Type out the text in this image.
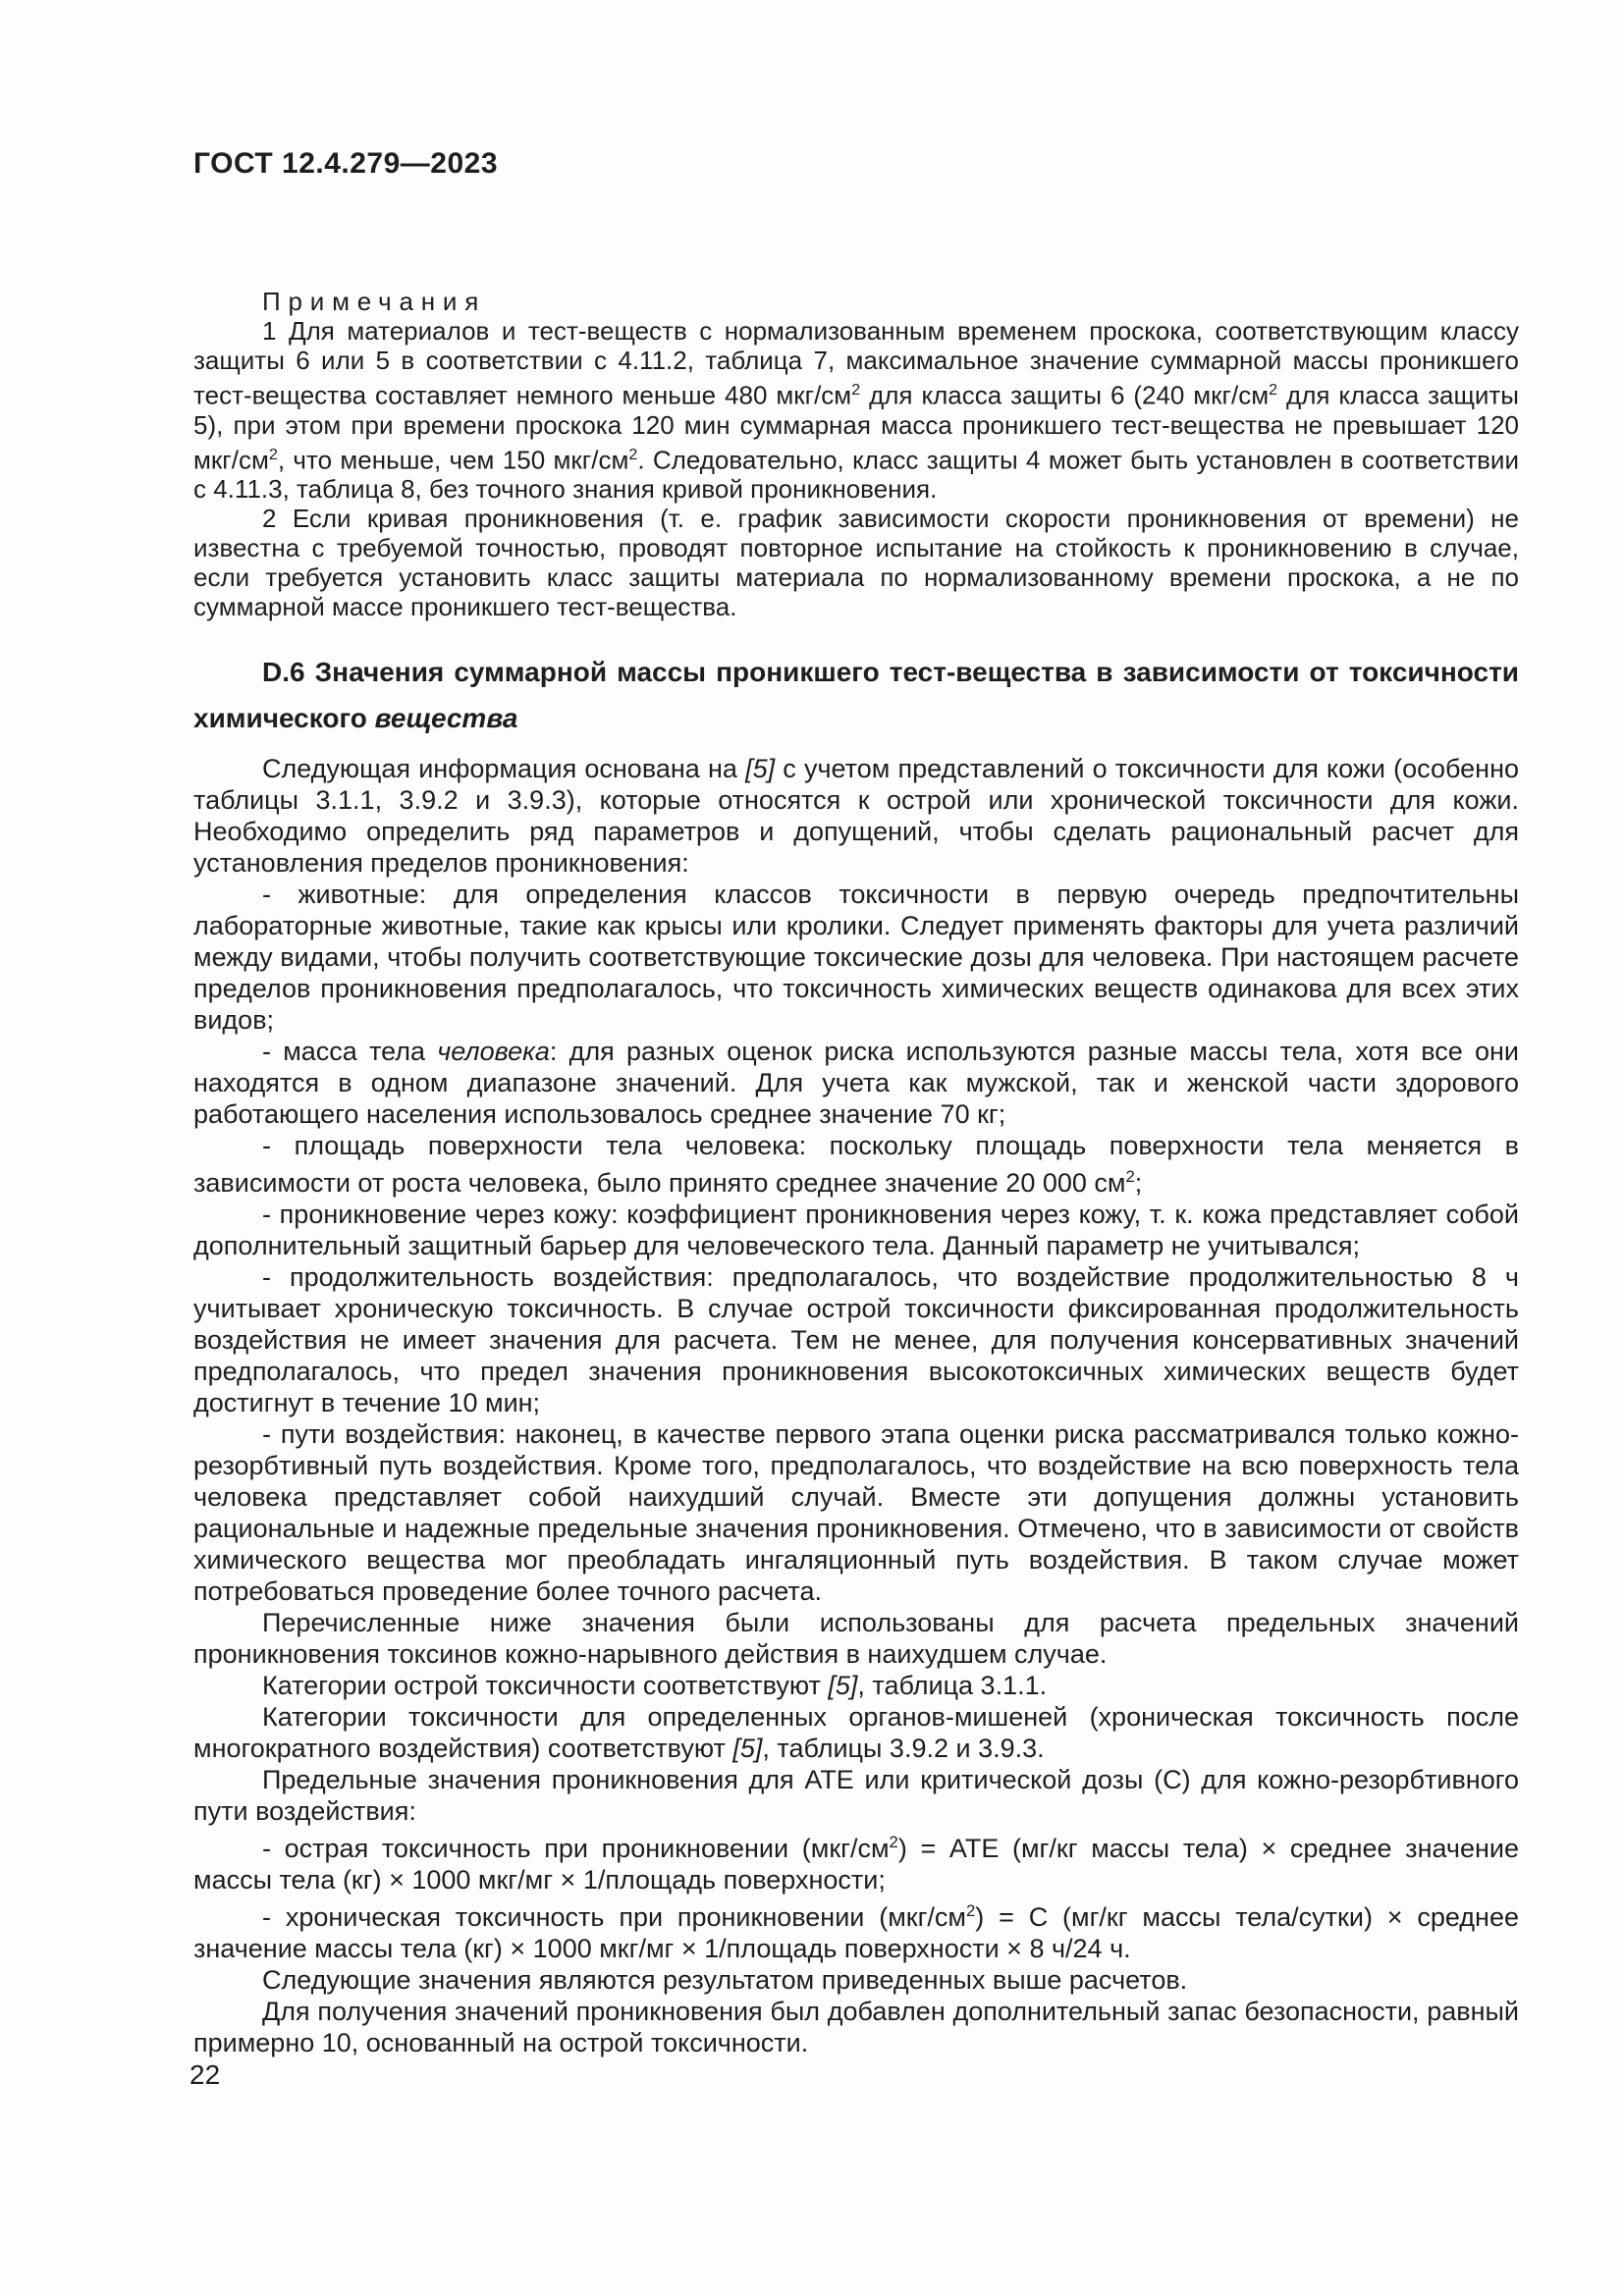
ГОСТ 12.4.279—2023

Примечания

1 Для материалов и тест-веществ с нормализованным временем проскока, соответствующим классу защиты 6 или 5 в соответствии с 4.11.2, таблица 7, максимальное значение суммарной массы проникшего тест-вещества составляет немного меньше 480 мкг/$см^2$ для класса защиты 6 (240 мкг/$см^2$ для класса защиты 5), при этом при времени проскока 120 мин суммарная масса проникшего тест-вещества не превышает 120 мкг/$см^2$, что меньше, чем 150 мкг/$см^2$. Следовательно, класс защиты 4 может быть установлен в соответствии с 4.11.3, таблица 8, без точного знания кривой проникновения.

2 Если кривая проникновения (т. е. график зависимости скорости проникновения от времени) не известна с требуемой точностью, проводят повторное испытание на стойкость к проникновению в случае, если требуется установить класс защиты материала по нормализованному времени проскока, а не по суммарной массе проникшего тест-вещества.

D.6 Значения суммарной массы проникшего тест-вещества в зависимости от токсичности химического вещества

Следующая информация основана на [5] с учетом представлений о токсичности для кожи (особенно таблицы 3.1.1, 3.9.2 и 3.9.3), которые относятся к острой или хронической токсичности для кожи. Необходимо определить ряд параметров и допущений, чтобы сделать рациональный расчет для установления пределов проникновения:

- животные: для определения классов токсичности в первую очередь предпочтительны лабораторные животные, такие как крысы или кролики. Следует применять факторы для учета различий между видами, чтобы получить соответствующие токсические дозы для человека. При настоящем расчете пределов проникновения предполагалось, что токсичность химических веществ одинакова для всех этих видов;

- масса тела человека: для разных оценок риска используются разные массы тела, хотя все они находятся в одном диапазоне значений. Для учета как мужской, так и женской части здорового работающего населения использовалось среднее значение 70 кг;

- площадь поверхности тела человека: поскольку площадь поверхности тела меняется в зависимости от роста человека, было принято среднее значение 20 000 $см^2$;

- проникновение через кожу: коэффициент проникновения через кожу, т. к. кожа представляет собой дополнительный защитный барьер для человеческого тела. Данный параметр не учитывался;

- продолжительность воздействия: предполагалось, что воздействие продолжительностью 8 ч учитывает хроническую токсичность. В случае острой токсичности фиксированная продолжительность воздействия не имеет значения для расчета. Тем не менее, для получения консервативных значений предполагалось, что предел значения проникновения высокотоксичных химических веществ будет достигнут в течение 10 мин;

- пути воздействия: наконец, в качестве первого этапа оценки риска рассматривался только кожно-резорбтивный путь воздействия. Кроме того, предполагалось, что воздействие на всю поверхность тела человека представляет собой наихудший случай. Вместе эти допущения должны установить рациональные и надежные предельные значения проникновения. Отмечено, что в зависимости от свойств химического вещества мог преобладать ингаляционный путь воздействия. В таком случае может потребоваться проведение более точного расчета.

Перечисленные ниже значения были использованы для расчета предельных значений проникновения токсинов кожно-нарывного действия в наихудшем случае.

Категории острой токсичности соответствуют [5], таблица 3.1.1.

Категории токсичности для определенных органов-мишеней (хроническая токсичность после многократного воздействия) соответствуют [5], таблицы 3.9.2 и 3.9.3.

Предельные значения проникновения для АТЕ или критической дозы (С) для кожно-резорбтивного пути воздействия:

- острая токсичность при проникновении $(мкг/см^2)$ = АТЕ (мг/кг массы тела) × среднее значение массы тела (кг) × 1000 мкг/мг × 1/площадь поверхности;

- хроническая токсичность при проникновении $(мкг/см^2) = С$ (мг/кг массы тела/сутки) × среднее значение массы тела (кг) × 1000 мкг/мг × 1/площадь поверхности × 8 ч/24 ч.

Следующие значения являются результатом приведенных выше расчетов.

Для получения значений проникновения был добавлен дополнительный запас безопасности, равный примерно 10, основанный на острой токсичности.

22
